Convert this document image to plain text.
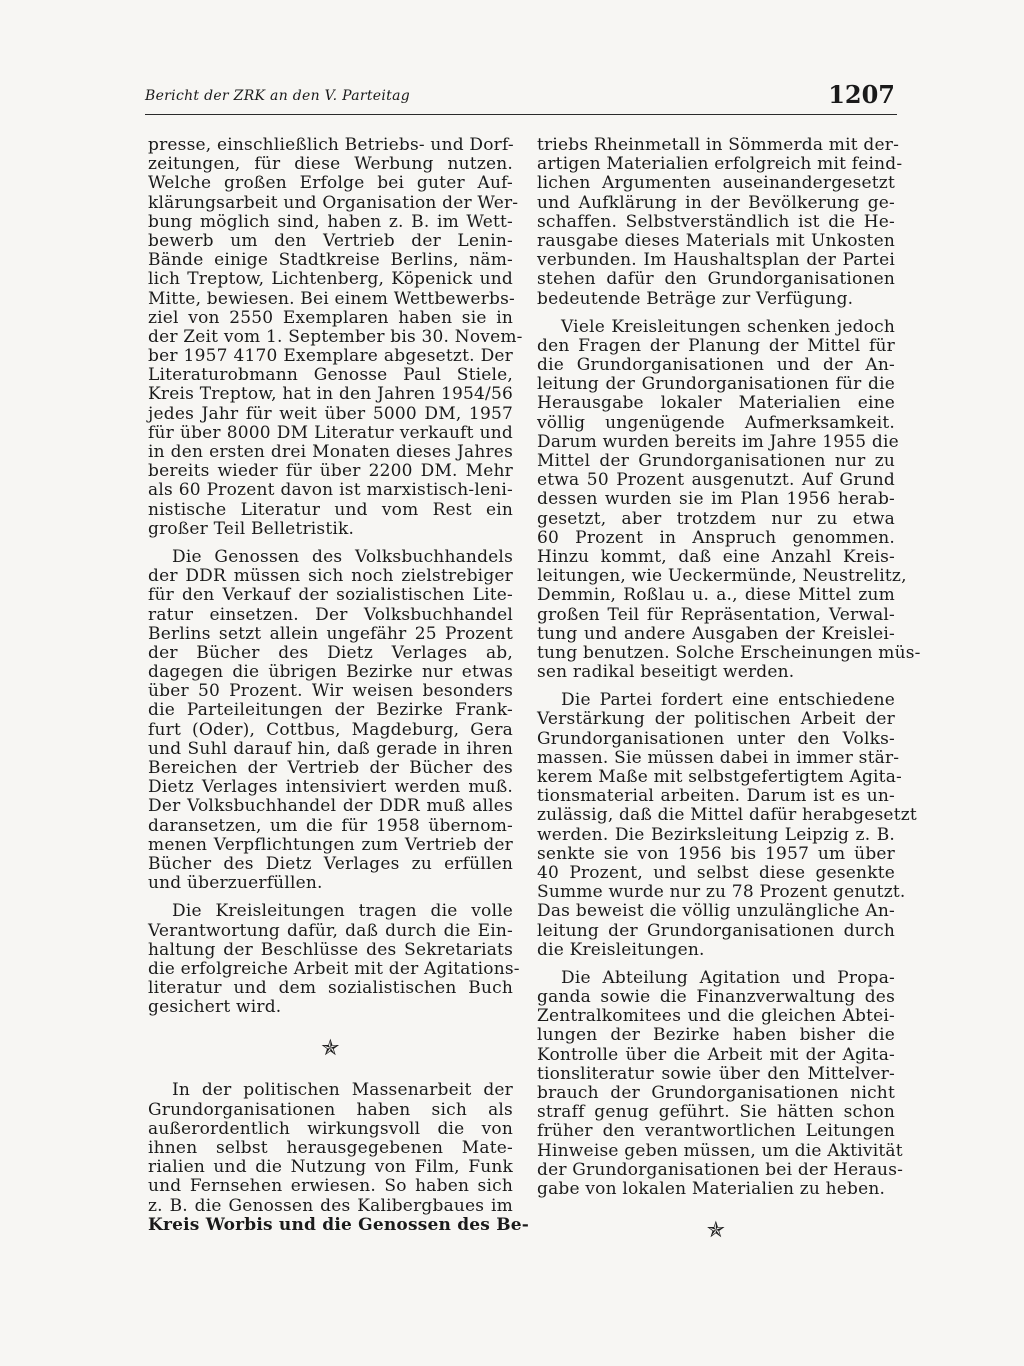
Bericht der ZRK an den V. Parteitag	1207
presse, einschließlich Betriebs- und Dorf-
zeitungen, für diese Werbung nutzen.
Welche großen Erfolge bei guter Auf-
klärungsarbeit und Organisation der Wer-
bung möglich sind, haben z. B. im Wett-
bewerb um den Vertrieb der Lenin-
Bände einige Stadtkreise Berlins, näm-
lich Treptow, Lichtenberg, Köpenick und
Mitte, bewiesen. Bei einem Wettbewerbs-
ziel von 2550 Exemplaren haben sie in
der Zeit vom 1. September bis 30. Novem-
ber 1957 4170 Exemplare abgesetzt. Der
Literaturobmann Genosse Paul Stiele,
Kreis Treptow, hat in den Jahren 1954/56
jedes Jahr für weit über 5000 DM, 1957
für über 8000 DM Literatur verkauft und
in den ersten drei Monaten dieses Jahres
bereits wieder für über 2200 DM. Mehr
als 60 Prozent davon ist marxistisch-leni-
nistische Literatur und vom Rest ein
großer Teil Belletristik.
Die Genossen des Volksbuchhandels
der DDR müssen sich noch zielstrebiger
für den Verkauf der sozialistischen Lite-
ratur einsetzen. Der Volksbuchhandel
Berlins setzt allein ungefähr 25 Prozent
der Bücher des Dietz Verlages ab,
dagegen die übrigen Bezirke nur etwas
über 50 Prozent. Wir weisen besonders
die Parteileitungen der Bezirke Frank-
furt (Oder), Cottbus, Magdeburg, Gera
und Suhl darauf hin, daß gerade in ihren
Bereichen der Vertrieb der Bücher des
Dietz Verlages intensiviert werden muß.
Der Volksbuchhandel der DDR muß alles
daransetzen, um die für 1958 übernom-
menen Verpflichtungen zum Vertrieb der
Bücher des Dietz Verlages zu erfüllen
und überzuerfüllen.
Die Kreisleitungen tragen die volle
Verantwortung dafür, daß durch die Ein-
haltung der Beschlüsse des Sekretariats
die erfolgreiche Arbeit mit der Agitations-
literatur und dem sozialistischen Buch
gesichert wird.
✯
In der politischen Massenarbeit der
Grundorganisationen haben sich als
außerordentlich wirkungsvoll die von
ihnen selbst herausgegebenen Mate-
rialien und die Nutzung von Film, Funk
und Fernsehen erwiesen. So haben sich
z. B. die Genossen des Kalibergbaues im
Kreis Worbis und die Genossen des Be-
triebs Rheinmetall in Sömmerda mit der-
artigen Materialien erfolgreich mit feind-
lichen Argumenten auseinandergesetzt
und Aufklärung in der Bevölkerung ge-
schaffen. Selbstverständlich ist die He-
rausgabe dieses Materials mit Unkosten
verbunden. Im Haushaltsplan der Partei
stehen dafür den Grundorganisationen
bedeutende Beträge zur Verfügung.
Viele Kreisleitungen schenken jedoch
den Fragen der Planung der Mittel für
die Grundorganisationen und der An-
leitung der Grundorganisationen für die
Herausgabe lokaler Materialien eine
völlig ungenügende Aufmerksamkeit.
Darum wurden bereits im Jahre 1955 die
Mittel der Grundorganisationen nur zu
etwa 50 Prozent ausgenutzt. Auf Grund
dessen wurden sie im Plan 1956 herab-
gesetzt, aber trotzdem nur zu etwa
60 Prozent in Anspruch genommen.
Hinzu kommt, daß eine Anzahl Kreis-
leitungen, wie Ueckermünde, Neustrelitz,
Demmin, Roßlau u. a., diese Mittel zum
großen Teil für Repräsentation, Verwal-
tung und andere Ausgaben der Kreislei-
tung benutzen. Solche Erscheinungen müs-
sen radikal beseitigt werden.
Die Partei fordert eine entschiedene
Verstärkung der politischen Arbeit der
Grundorganisationen unter den Volks-
massen. Sie müssen dabei in immer stär-
kerem Maße mit selbstgefertigtem Agita-
tionsmaterial arbeiten. Darum ist es un-
zulässig, daß die Mittel dafür herabgesetzt
werden. Die Bezirksleitung Leipzig z. B.
senkte sie von 1956 bis 1957 um über
40 Prozent, und selbst diese gesenkte
Summe wurde nur zu 78 Prozent genutzt.
Das beweist die völlig unzulängliche An-
leitung der Grundorganisationen durch
die Kreisleitungen.
Die Abteilung Agitation und Propa-
ganda sowie die Finanzverwaltung des
Zentralkomitees und die gleichen Abtei-
lungen der Bezirke haben bisher die
Kontrolle über die Arbeit mit der Agita-
tionsliteratur sowie über den Mittelver-
brauch der Grundorganisationen nicht
straff genug geführt. Sie hätten schon
früher den verantwortlichen Leitungen
Hinweise geben müssen, um die Aktivität
der Grundorganisationen bei der Heraus-
gabe von lokalen Materialien zu heben.
✯
